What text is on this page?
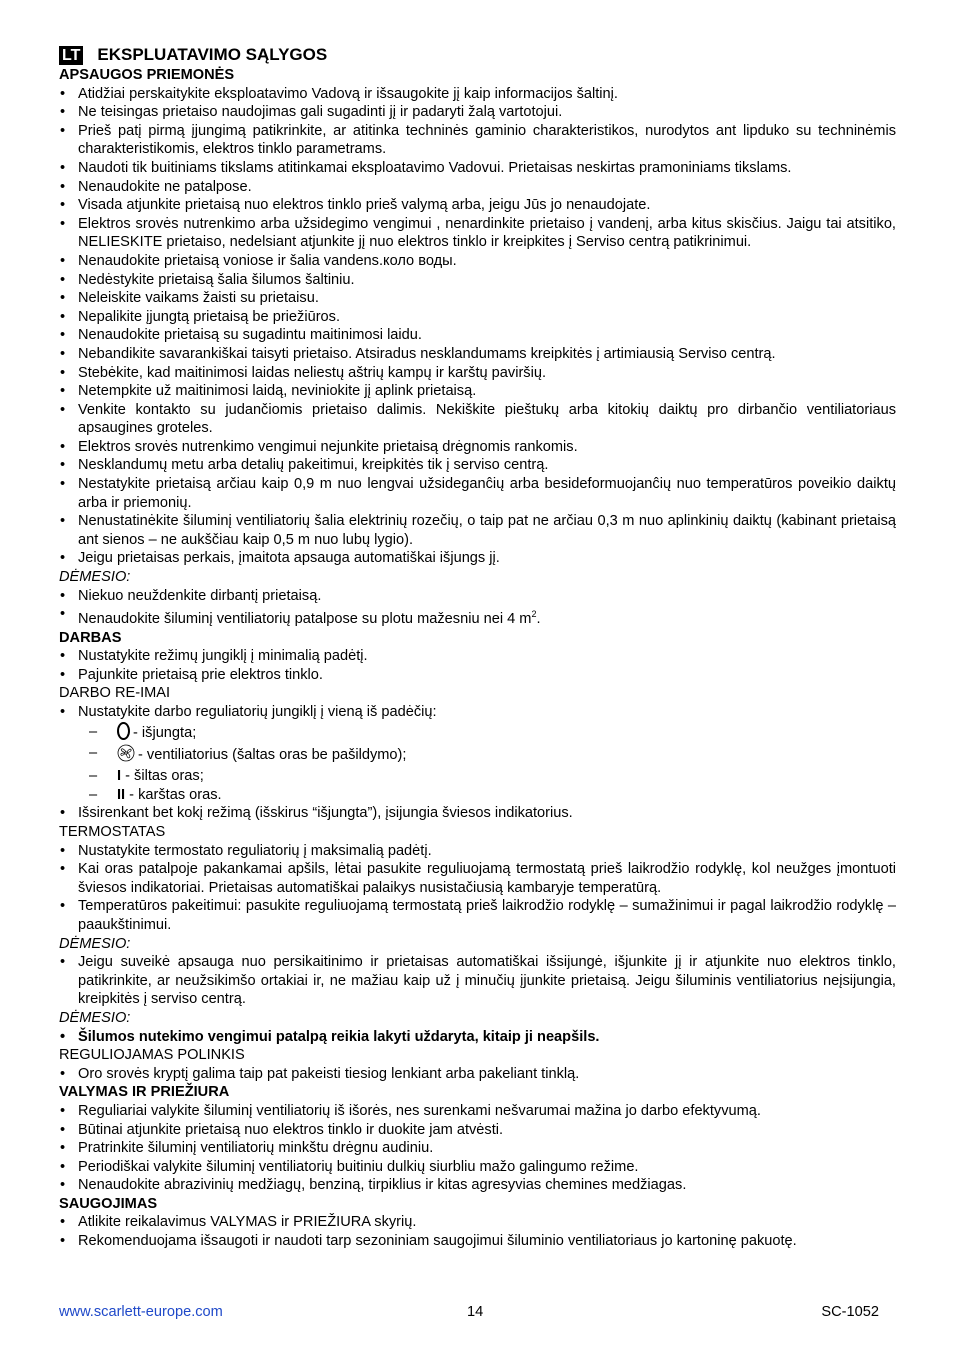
LT EKSPLUATAVIMO SĄLYGOS
APSAUGOS PRIEMONĖS
• Atidžiai perskaitykite eksploatavimo Vadovą ir išsaugokite jį kaip informacijos šaltinį.
• Ne teisingas prietaiso naudojimas gali sugadinti jį ir padaryti žalą vartotojui.
• Prieš patį pirmą įjungimą patikrinkite, ar atitinka techninės gaminio charakteristikos, nurodytos ant lipduko su techninėmis charakteristikomis, elektros tinklo parametrams.
• Naudoti tik buitiniams tikslams atitinkamai eksploatavimo Vadovui. Prietaisas neskirtas pramoniniams tikslams.
• Nenaudokite ne patalpose.
• Visada atjunkite prietaisą nuo elektros tinklo prieš valymą arba, jeigu Jūs jo nenaudojate.
• Elektros srovės nutrenkimo arba užsidegimo vengimui , nenardinkite prietaiso į vandenį, arba kitus skisčius. Jaigu tai atsitiko, NELIESKITE prietaiso, nedelsiant atjunkite jį nuo elektros tinklo ir kreipkites į Serviso centrą patikrinimui.
• Nenaudokite prietaisą voniose ir šalia vandens.коло воды.
• Nedėstykite prietaisą šalia šilumos šaltiniu.
• Neleiskite vaikams žaisti su prietaisu.
• Nepalikite įjungtą prietaisą be priežiūros.
• Nenaudokite prietaisą su sugadintu maitinimosi laidu.
• Nebandikite savarankiškai taisyti prietaiso. Atsiradus nesklandumams kreipkitės į artimiausią Serviso centrą.
• Stebėkite, kad maitinimosi laidas neliestų aštrių kampų ir karštų paviršių.
• Netempkite už maitinimosi laidą, neviniokite jį aplink prietaisą.
• Venkite kontakto su judančiomis prietaiso dalimis. Nekiškite pieštukų arba kitokių daiktų pro dirbančio ventiliatoriaus apsaugines groteles.
• Elektros srovės nutrenkimo vengimui nejunkite prietaisą drėgnomis rankomis.
• Nesklandumų metu arba detalių pakeitimui, kreipkitės tik į serviso centrą.
• Nestatykite prietaisą arčiau kaip 0,9 m nuo lengvai užsideganĉių arba besideformuojanĉių nuo temperatūros poveikio daiktų arba ir priemonių.
• Nenustatinėkite šiluminį ventiliatorių šalia elektrinių rozečių, o taip pat ne arčiau 0,3 m nuo aplinkinių daiktų (kabinant prietaisą ant sienos – ne aukščiau kaip 0,5 m nuo lubų lygio).
• Jeigu prietaisas perkais, įmaitota apsauga automatiškai išjungs jį.
DĖMESIO:
• Niekuo neuždenkite dirbantį prietaisą.
• Nenaudokite šiluminį ventiliatorių patalpose su plotu mažesniu nei 4 $m^2$.
DARBAS
• Nustatykite režimų jungiklį į minimalią padėtį.
• Pajunkite prietaisą prie elektros tinklo.
DARBO RE-IMAI
• Nustatykite darbo reguliatorių jungiklį į vieną iš padėčių:
– - išjungta;
–	- ventiliatorius (šaltas oras be pašildymo);
– I - šiltas oras;
– II - karštas oras.
• Išsirenkant bet kokį režimą (išskirus “išjungta”), įsijungia šviesos indikatorius.
TERMOSTATAS
• Nustatykite termostato reguliatorių į maksimalią padėtį.
• Kai oras patalpoje pakankamai apšils, lėtai pasukite reguliuojamą termostatą prieš laikrodžio rodyklę, kol neužges įmontuoti šviesos indikatoriai. Prietaisas automatiškai palaikys nusistačiusią kambaryje temperatūrą.
• Temperatūros pakeitimui: pasukite reguliuojamą termostatą prieš laikrodžio rodyklę – sumažinimui ir pagal laikrodžio rodyklę – paaukštinimui.
DĖMESIO:
• Jeigu suveikė apsauga nuo persikaitinimo ir prietaisas automatiškai išsijungė, išjunkite jį ir atjunkite nuo elektros tinklo, patikrinkite, ar neužsikimšo ortakiai ir, ne mažiau kaip už į minučių įjunkite prietaisą. Jeigu šiluminis ventiliatorius neįsijungia, kreipkitės į serviso centrą.
DĖMESIO:
• Šilumos nutekimo vengimui patalpą reikia lakyti uždaryta, kitaip ji neapšils.
REGULIOJAMAS POLINKIS
• Oro srovės kryptį galima taip pat pakeisti tiesiog lenkiant arba pakeliant tinklą.
VALYMAS IR PRIEŽIURA
• Reguliariai valykite šiluminį ventiliatorių iš išorės, nes surenkami nešvarumai mažina jo darbo efektyvumą.
• Būtinai atjunkite prietaisą nuo elektros tinklo ir duokite jam atvėsti.
• Pratrinkite šiluminį ventiliatorių minkštu drėgnu audiniu.
• Periodiškai valykite šiluminį ventiliatorių buitiniu dulkių siurbliu mažo galingumo režime.
• Nenaudokite abrazivinių medžiagų, benziną, tirpiklius ir kitas agresyvias chemines medžiagas.
SAUGOJIMAS
• Atlikite reikalavimus VALYMAS ir PRIEŽIURA skyrių.
• Rekomenduojama išsaugoti ir naudoti tarp sezoniniam saugojimui šiluminio ventiliatoriaus jo kartoninę pakuotę.
www.scarlett-europe.com	14	SC-1052
